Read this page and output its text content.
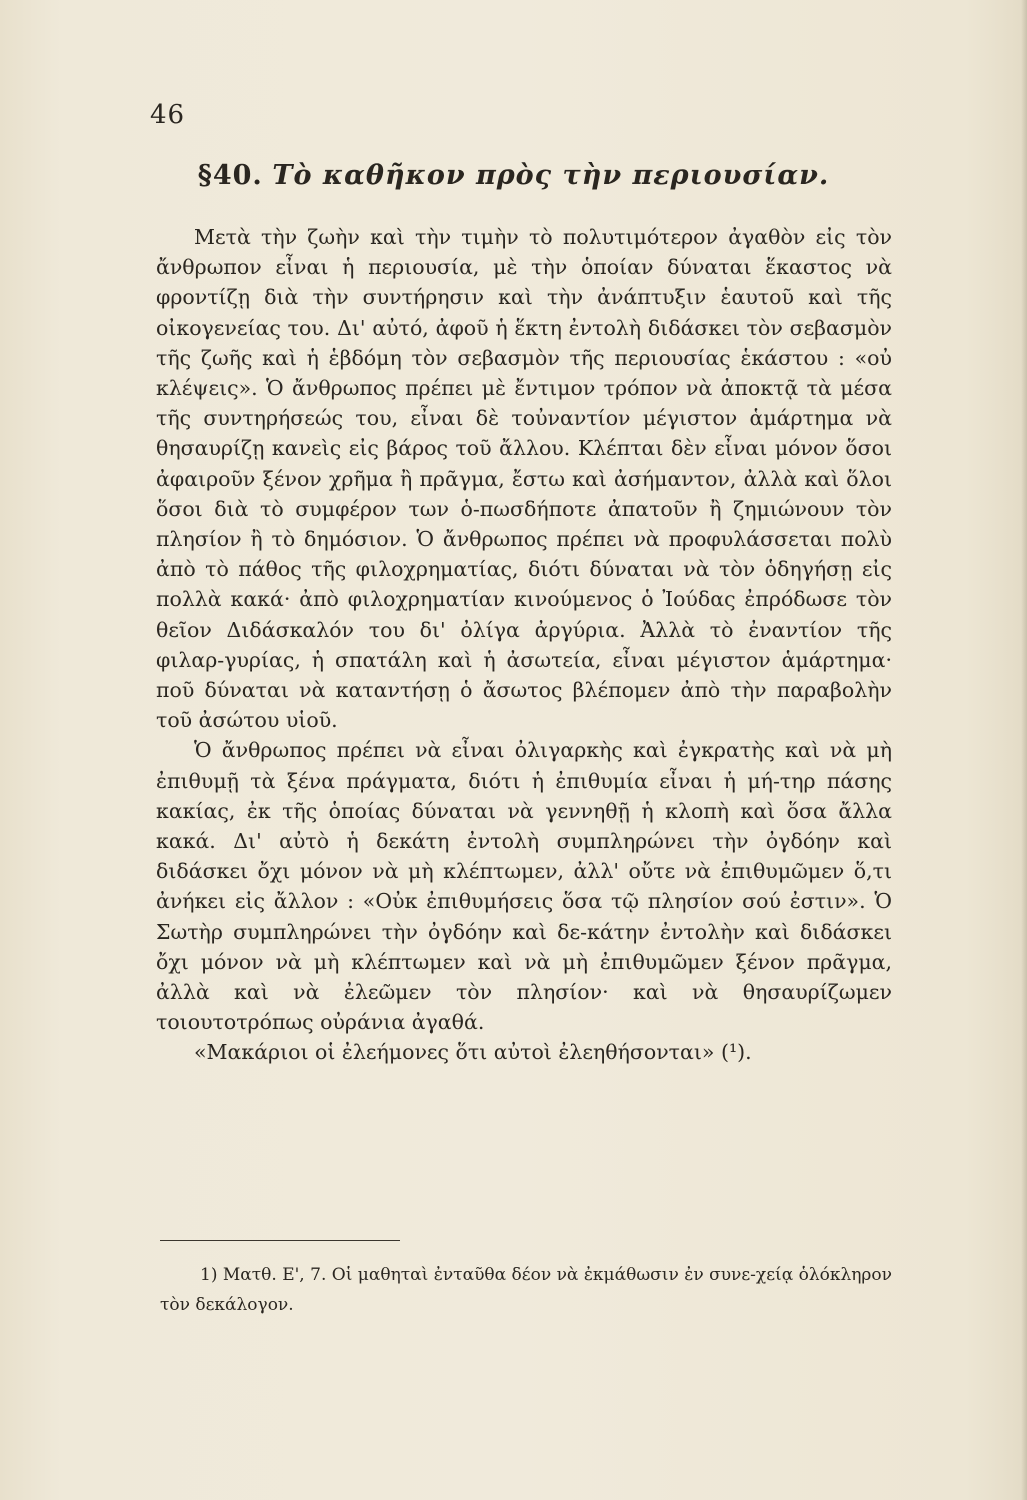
46
§40. Τὸ καθῆκον πρὸς τὴν περιουσίαν.

Μετὰ τὴν ζωὴν καὶ τὴν τιμὴν τὸ πολυτιμότερον ἀγαθὸν εἰς τὸν ἄνθρωπον εἶναι ἡ περιουσία, μὲ τὴν ὁποίαν δύναται ἕκαστος νὰ φροντίζῃ διὰ τὴν συντήρησιν καὶ τὴν ἀνάπτυξιν ἑαυτοῦ καὶ τῆς οἰκογενείας του. Δι' αὐτό, ἀφοῦ ἡ ἕκτη ἐντολὴ διδάσκει τὸν σεβασμὸν τῆς ζωῆς καὶ ἡ ἑβδόμη τὸν σεβασμὸν τῆς περιουσίας ἑκάστου : «οὐ κλέψεις». Ὁ ἄνθρωπος πρέπει μὲ ἔντιμον τρόπον νὰ ἀποκτᾷ τὰ μέσα τῆς συντηρήσεώς του, εἶναι δὲ τοὐναντίον μέγιστον ἁμάρτημα νὰ θησαυρίζῃ κανεὶς εἰς βάρος τοῦ ἄλλου. Κλέπται δὲν εἶναι μόνον ὅσοι ἀφαιροῦν ξένον χρῆμα ἢ πρᾶγμα, ἔστω καὶ ἀσήμαντον, ἀλλὰ καὶ ὅλοι ὅσοι διὰ τὸ συμφέρον των ὁ-πωσδήποτε ἀπατοῦν ἢ ζημιώνουν τὸν πλησίον ἢ τὸ δημόσιον. Ὁ ἄνθρωπος πρέπει νὰ προφυλάσσεται πολὺ ἀπὸ τὸ πάθος τῆς φιλοχρηματίας, διότι δύναται νὰ τὸν ὁδηγήσῃ εἰς πολλὰ κακά· ἀπὸ φιλοχρηματίαν κινούμενος ὁ Ἰούδας ἐπρόδωσε τὸν θεῖον Διδάσκαλόν του δι' ὀλίγα ἀργύρια. Ἀλλὰ τὸ ἐναντίον τῆς φιλαρ-γυρίας, ἡ σπατάλη καὶ ἡ ἀσωτεία, εἶναι μέγιστον ἁμάρτημα· ποῦ δύναται νὰ καταντήσῃ ὁ ἄσωτος βλέπομεν ἀπὸ τὴν παραβολὴν τοῦ ἀσώτου υἱοῦ.

Ὁ ἄνθρωπος πρέπει νὰ εἶναι ὀλιγαρκὴς καὶ ἐγκρατὴς καὶ νὰ μὴ ἐπιθυμῇ τὰ ξένα πράγματα, διότι ἡ ἐπιθυμία εἶναι ἡ μή-τηρ πάσης κακίας, ἐκ τῆς ὁποίας δύναται νὰ γεννηθῇ ἡ κλοπὴ καὶ ὅσα ἄλλα κακά. Δι' αὐτὸ ἡ δεκάτη ἐντολὴ συμπληρώνει τὴν ὀγδόην καὶ διδάσκει ὄχι μόνον νὰ μὴ κλέπτωμεν, ἀλλ' οὔτε νὰ ἐπιθυμῶμεν ὅ,τι ἀνήκει εἰς ἄλλον : «Οὐκ ἐπιθυμήσεις ὅσα τῷ πλησίον σού ἐστιν». Ὁ Σωτὴρ συμπληρώνει τὴν ὀγδόην καὶ δε-κάτην ἐντολὴν καὶ διδάσκει ὄχι μόνον νὰ μὴ κλέπτωμεν καὶ νὰ μὴ ἐπιθυμῶμεν ξένον πρᾶγμα, ἀλλὰ καὶ νὰ ἐλεῶμεν τὸν πλησίον· καὶ νὰ θησαυρίζωμεν τοιουτοτρόπως οὐράνια ἀγαθά.

«Μακάριοι οἱ ἐλεήμονες ὅτι αὐτοὶ ἐλεηθήσονται» (¹).

1) Ματθ. Ε', 7. Οἱ μαθηταὶ ἐνταῦθα δέον νὰ ἐκμάθωσιν ἐν συνε-χείᾳ ὁλόκληρον τὸν δεκάλογον.
